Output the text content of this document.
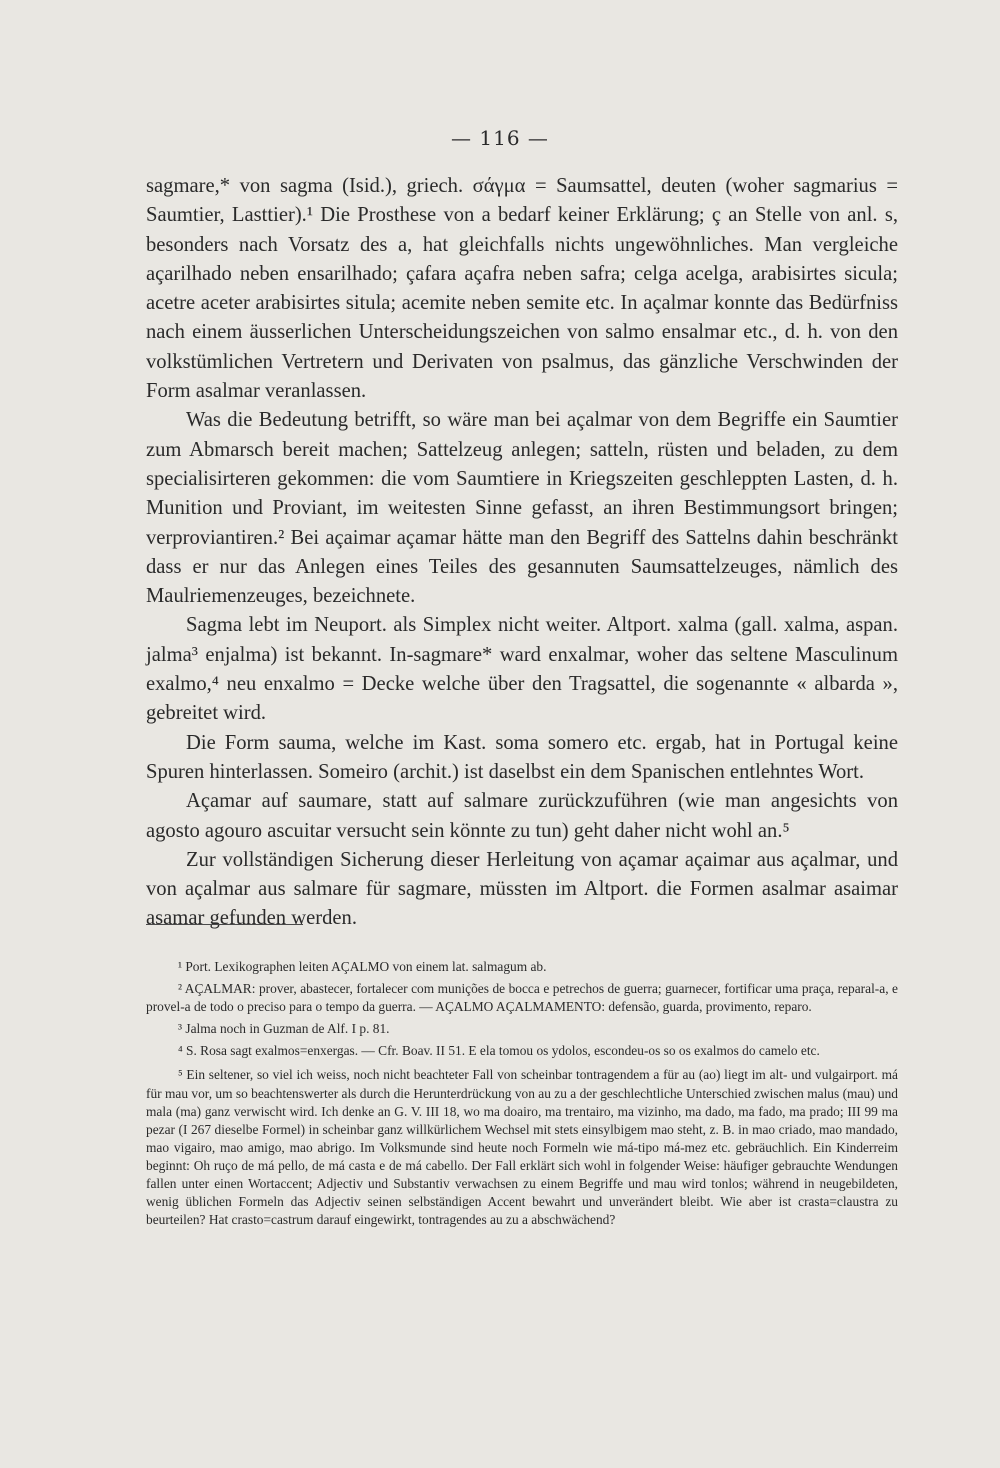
— 116 —

sagmare,* von sagma (Isid.), griech. σάγμα = Saumsattel, deuten (woher sagmarius = Saumtier, Lasttier).¹ Die Prosthese von a bedarf keiner Erklärung; ç an Stelle von anl. s, besonders nach Vorsatz des a, hat gleichfalls nichts ungewöhnliches. Man vergleiche açarilhado neben ensarilhado; çafara açafra neben safra; celga acelga, arabisirtes sicula; acetre aceter arabisirtes situla; acemite neben semite etc. In açalmar konnte das Bedürfniss nach einem äusserlichen Unterscheidungszeichen von salmo ensalmar etc., d. h. von den volkstümlichen Vertretern und Derivaten von psalmus, das gänzliche Verschwinden der Form asalmar veranlassen.

Was die Bedeutung betrifft, so wäre man bei açalmar von dem Begriffe ein Saumtier zum Abmarsch bereit machen; Sattelzeug anlegen; satteln, rüsten und beladen, zu dem specialisirteren gekommen: die vom Saumtiere in Kriegszeiten geschleppten Lasten, d. h. Munition und Proviant, im weitesten Sinne gefasst, an ihren Bestimmungsort bringen; verproviantiren.² Bei açaimar açamar hätte man den Begriff des Sattelns dahin beschränkt dass er nur das Anlegen eines Teiles des gesannuten Saumsattelzeuges, nämlich des Maulriemenzeuges, bezeichnete.

Sagma lebt im Neuport. als Simplex nicht weiter. Altport. xalma (gall. xalma, aspan. jalma³ enjalma) ist bekannt. In-sagmare* ward enxalmar, woher das seltene Masculinum exalmo,⁴ neu enxalmo = Decke welche über den Tragsattel, die sogenannte « albarda », gebreitet wird.

Die Form sauma, welche im Kast. soma somero etc. ergab, hat in Portugal keine Spuren hinterlassen. Someiro (archit.) ist daselbst ein dem Spanischen entlehntes Wort.

Açamar auf saumare, statt auf salmare zurückzuführen (wie man angesichts von agosto agouro ascuitar versucht sein könnte zu tun) geht daher nicht wohl an.⁵

Zur vollständigen Sicherung dieser Herleitung von açamar açaimar aus açalmar, und von açalmar aus salmare für sagmare, müssten im Altport. die Formen asalmar asaimar asamar gefunden werden.

¹ Port. Lexikographen leiten AÇALMO von einem lat. salmagum ab.

² AÇALMAR: prover, abastecer, fortalecer com munições de bocca e petrechos de guerra; guarnecer, fortificar uma praça, reparal-a, e provel-a de todo o preciso para o tempo da guerra. — AÇALMO AÇALMAMENTO: defensão, guarda, provimento, reparo.

³ Jalma noch in Guzman de Alf. I p. 81.

⁴ S. Rosa sagt exalmos=enxergas. — Cfr. Boav. II 51. E ela tomou os ydolos, escondeu-os so os exalmos do camelo etc.

⁵ Ein seltener, so viel ich weiss, noch nicht beachteter Fall von scheinbar tontragendem a für au (ao) liegt im alt- und vulgairport. má für mau vor, um so beachtenswerter als durch die Herunterdrückung von au zu a der geschlechtliche Unterschied zwischen malus (mau) und mala (ma) ganz verwischt wird. Ich denke an G. V. III 18, wo ma doairo, ma trentairo, ma vizinho, ma dado, ma fado, ma prado; III 99 ma pezar (I 267 dieselbe Formel) in scheinbar ganz willkürlichem Wechsel mit stets einsylbigem mao steht, z. B. in mao criado, mao mandado, mao vigairo, mao amigo, mao abrigo. Im Volksmunde sind heute noch Formeln wie má-tipo má-mez etc. gebräuchlich. Ein Kinderreim beginnt: Oh ruço de má pello, de má casta e de má cabello. Der Fall erklärt sich wohl in folgender Weise: häufiger gebrauchte Wendungen fallen unter einen Wortaccent; Adjectiv und Substantiv verwachsen zu einem Begriffe und mau wird tonlos; während in neugebildeten, wenig üblichen Formeln das Adjectiv seinen selbständigen Accent bewahrt und unverändert bleibt. Wie aber ist crasta=claustra zu beurteilen? Hat crasto=castrum darauf eingewirkt, tontragendes au zu a abschwächend?
